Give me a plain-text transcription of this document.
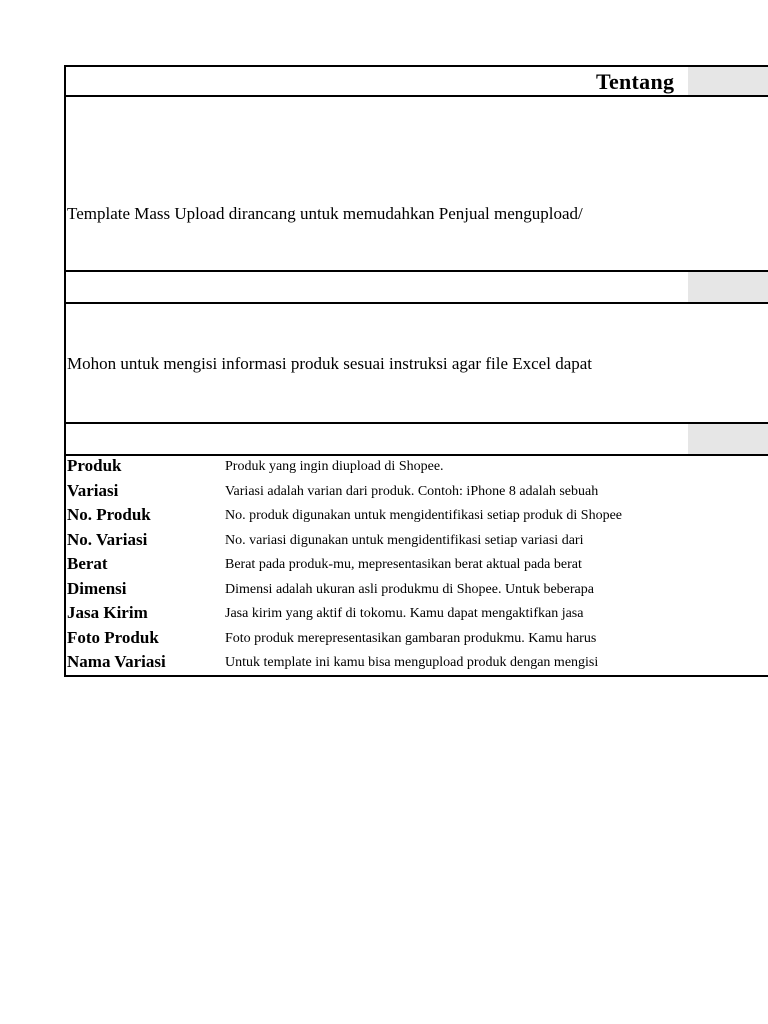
Tentang
Template Mass Upload dirancang untuk memudahkan Penjual mengupload/
Mohon untuk mengisi informasi produk sesuai instruksi agar file Excel dapat
Produk	Produk yang ingin diupload di Shopee.
Variasi	Variasi adalah varian dari produk. Contoh: iPhone 8 adalah sebuah
No. Produk	No. produk digunakan untuk mengidentifikasi setiap produk di Shopee
No. Variasi	No. variasi digunakan untuk mengidentifikasi setiap variasi dari
Berat	Berat pada produk-mu, mepresentasikan berat aktual pada berat
Dimensi	Dimensi adalah ukuran asli produkmu di Shopee. Untuk beberapa
Jasa Kirim	Jasa kirim yang aktif di tokomu. Kamu dapat mengaktifkan jasa
Foto Produk	Foto produk merepresentasikan gambaran produkmu. Kamu harus
Nama Variasi	Untuk template ini kamu bisa mengupload produk dengan mengisi
